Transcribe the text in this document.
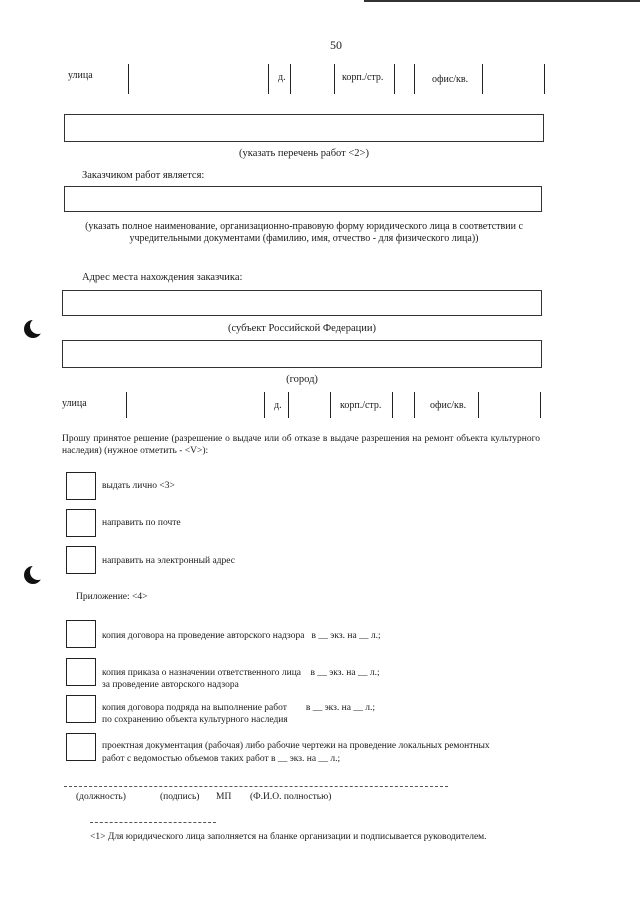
50
улица	д.	корп./стр.	офис/кв.
(указать перечень работ <2>)
Заказчиком работ является:
(указать полное наименование, организационно-правовую форму юридического лица в соответствии с учредительными документами (фамилию, имя, отчество - для физического лица))
Адрес места нахождения заказчика:
(субъект Российской Федерации)
(город)
улица	д.	корп./стр.	офис/кв.
Прошу принятое решение (разрешение о выдаче или об отказе в выдаче разрешения на ремонт объекта культурного наследия) (нужное отметить - <V>):
выдать лично <3>
направить по почте
направить на электронный адрес
Приложение: <4>
копия договора на проведение авторского надзора   в __ экз. на __ л.;
копия приказа о назначении ответственного лица    в __ экз. на __ л.;
за проведение авторского надзора
копия договора подряда на выполнение работ        в __ экз. на __ л.;
по сохранению объекта культурного наследия
проектная документация (рабочая) либо рабочие чертежи на проведение локальных ремонтных
работ с ведомостью объемов таких работ в __ экз. на __ л.;
(должность)	(подпись) МП (Ф.И.О. полностью)
<1> Для юридического лица заполняется на бланке организации и подписывается руководителем.
